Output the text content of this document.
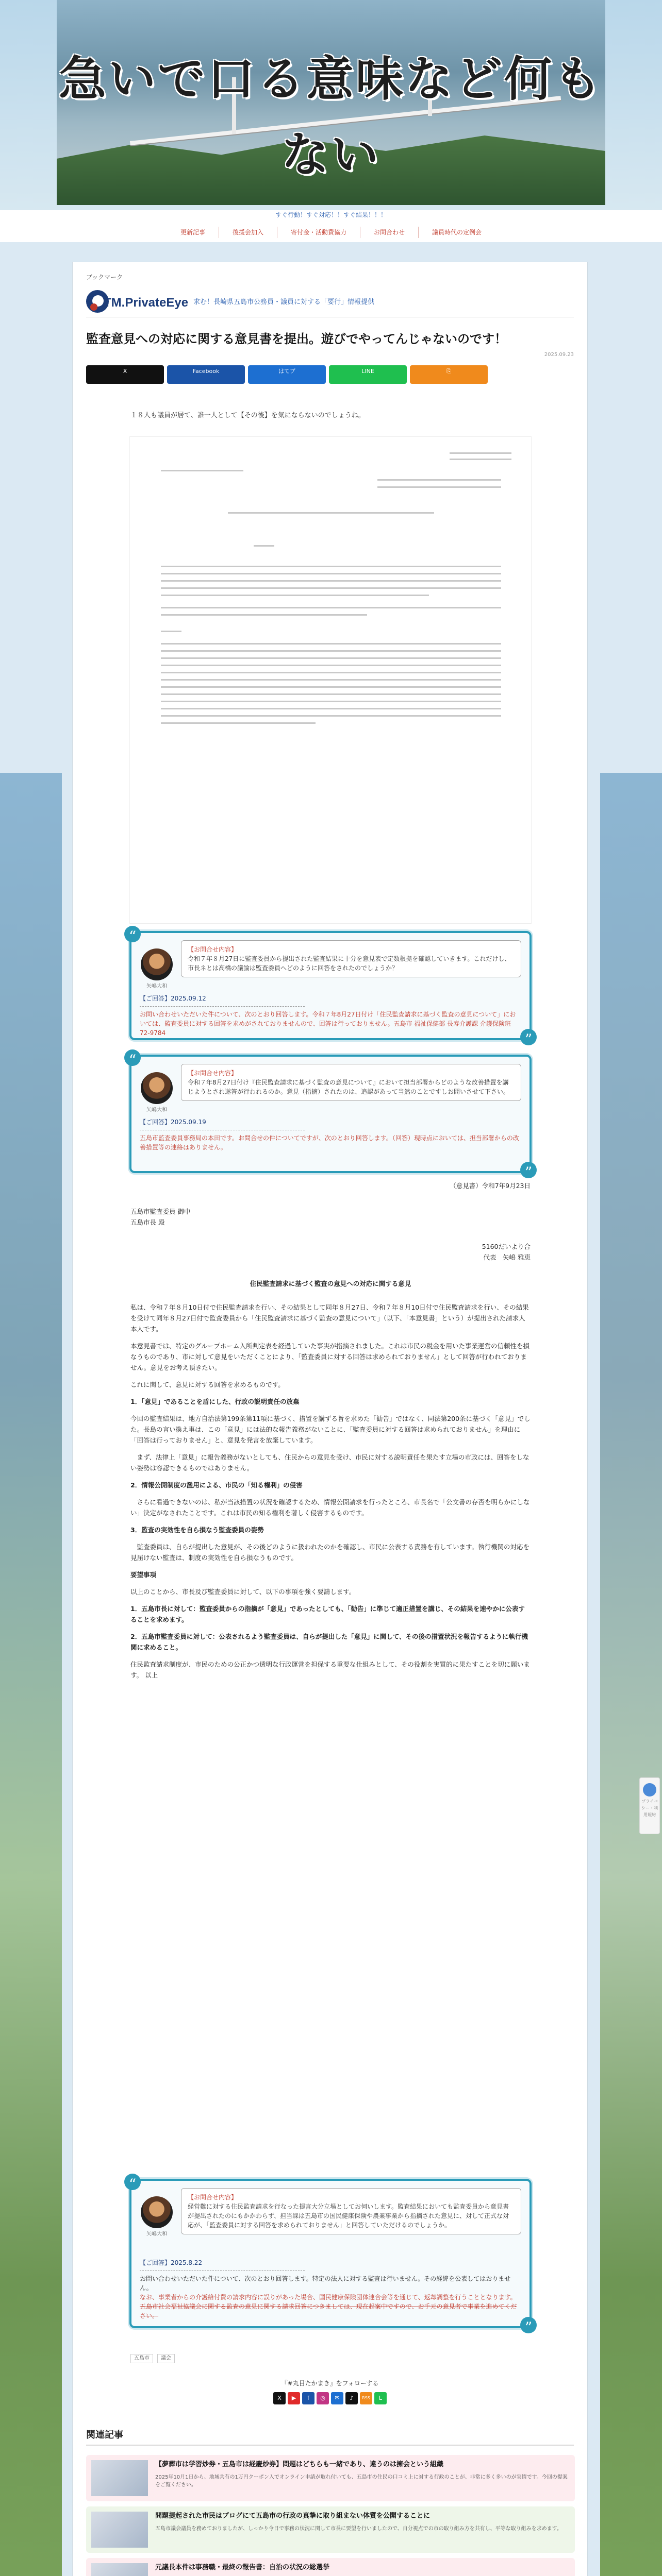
急いで口る意味など何もない
すぐ行動！すぐ対応！！すぐ結果！！！
更新記事	後援会加入	寄付金・活動費協力	お問合わせ	議員時代の定例会
ブックマーク
TM.PrivateEye 求む！長崎県五島市公務員・議員に対する「要行」情報提供
監査意見への対応に関する意見書を提出。遊びでやってんじゃないのです！
2025.09.23
X
0
Facebook
0
はてブ
0
LINE
0
⎘
コピー
１８人も議員が居て、誰一人として【その後】を気にならないのでしょうね。
“
矢嶋大和
【お問合せ内容】
令和７年８月27日に監査委員から提出された監査結果に十分を意見表で定数根拠を確認していきます。これだけし、市長ネとは高橋の議論は監査委員へどのように回答をされたのでしょうか？
【ご回答】2025.09.12
お問い合わせいただいた件について、次のとおり回答します。令和７年8月27日付け「住民監査請求に基づく監査の意見について」においては、監査委員に対する回答を求めがされておりませんので、回答は行っておりません。五島市 福祉保健部 長寿介護課 介護保険班 72-9784	”
“
矢嶋大和
【お問合せ内容】
令和７年8月27日付け『住民監査請求に基づく監査の意見について』において担当部署からどのような改善措置を講じようとされ遂答が行われるのか。意見（指摘）されたのは、追認があって当然のことですしお問いさせて下さい。
【ご回答】2025.09.19
五島市監査委員事務局の本田です。お問合せの件についてですが、次のとおり回答します。（回答）現時点においては、担当部署からの改善措置等の連絡はありません。
”
（意見書）令和7年9月23日
五島市監査委員 御中
五島市長 殿
5160だいより合
代表　矢嶋 雅恵
住民監査請求に基づく監査の意見への対応に関する意見

私は、令和７年８月10日付で住民監査請求を行い、その結果として同年８月27日、令和７年８月10日付で住民監査請求を行い、その結果を受けて同年８月27日付で監査委員から「住民監査請求に基づく監査の意見について」（以下、「本意見書」という）が提出された請求人本人です。

本意見書では、特定のグループホーム入所判定表を経過していた事実が指摘されました。これは市民の税金を用いた事業運営の信頼性を損なうものであり、市に対して意見をいただくことにより、「監査委員に対する回答は求められておりません」として回答が行われておりません。意見をお考え頂きたい。

これに関して、意見に対する回答を求めるものです。

1．「意見」であることを盾にした、行政の説明責任の放棄

今回の監査結果は、地方自治法第199条第11項に基づく、措置を講ずる旨を求めた「勧告」ではなく、同法第200条に基づく「意見」でした。長島の言い換え事は、この「意見」には法的な報告義務がないことに、「監査委員に対する回答は求められておりません」を理由に「回答は行っておりません」と、意見を発言を放棄しています。

　まず、法律上「意見」に報告義務がないとしても、住民からの意見を受け、市民に対する説明責任を果たす立場の市政には、回答をしない姿勢は容認できるものではありません。

2．情報公開制度の濫用による、市民の「知る権利」の侵害

　さらに看過できないのは、私が当該措置の状況を確認するため、情報公開請求を行ったところ、市長名で「公文書の存否を明らかにしない」決定がなされたことです。これは市民の知る権利を著しく侵害するものです。

3．監査の実効性を自ら損なう監査委員の姿勢

　監査委員は、自らが提出した意見が、その後どのように扱われたのかを確認し、市民に公表する責務を有しています。執行機関の対応を見届けない監査は、制度の実効性を自ら損なうものです。

要望事項

以上のことから、市長及び監査委員に対して、以下の事項を強く要請します。

1．五島市長に対して：監査委員からの指摘が「意見」であったとしても、「勧告」に準じて適正措置を講じ、その結果を速やかに公表することを求めます。

2．五島市監査委員に対して：公表されるよう監査委員は、自らが提出した「意見」に関して、その後の措置状況を報告するように執行機関に求めること。

住民監査請求制度が、市民のための公正かつ透明な行政運営を担保する重要な仕組みとして、その役割を実質的に果たすことを切に願います。 以上

“
矢嶋大和
【お問合せ内容】
経営難に対する住民監査請求を行なった提言大分立場としてお伺いします。監査結果においても監査委員から意見書が提出されたのにもかかわらず、担当課は五島市の国民健康保険や農業事業から指摘された意見に、対して正式な対応が、「監査委員に対する回答を求められておりません」と回答していただけるのでしょうか。
【ご回答】2025.8.22
お問い合わせいただいた件について、次のとおり回答します。特定の法人に対する監査は行いません。その経緯を公表してはおりません。
なお、事業者からの介護給付費の請求内容に誤りがあった場合、国民健康保険団体連合会等を通じて、返却調整を行うこととなります。
五島市社会福祉協議会に関する監査の意見に関する請求回答につきましては、現在起案中ですので、お手元の意見者で事業を進めてください。
”
五島市	議会
『#丸目たかまき』をフォローする
X	▶	f	◎	✉	♪	RSS	L
関連記事
【夢葬市は学習炒券・五島市は経慶炒券】問題はどちらも一緒であり、違うのは擁会という組織
2025年10月1日から、地域共有の1万円クーポン入でオンライン申請が取れ付いても、五島市の住民の口コミ上に対する行政のことが、非常に多く多いのが実情です。今回の提案をご覧ください。
問題提起された市民はブログにて五島市の行政の真摯に取り組まない体質を公開することに
五島市議会議員を務めておりましたが、しっかり今日で事務の状況に関して市長に要望を行いましたので、自分視点での市の取り組み方を共有し、平等な取り組みを求めます。
元議長本件は事務職・最終の報告書：自治の状況の総選挙
プライバシー・利用規約
